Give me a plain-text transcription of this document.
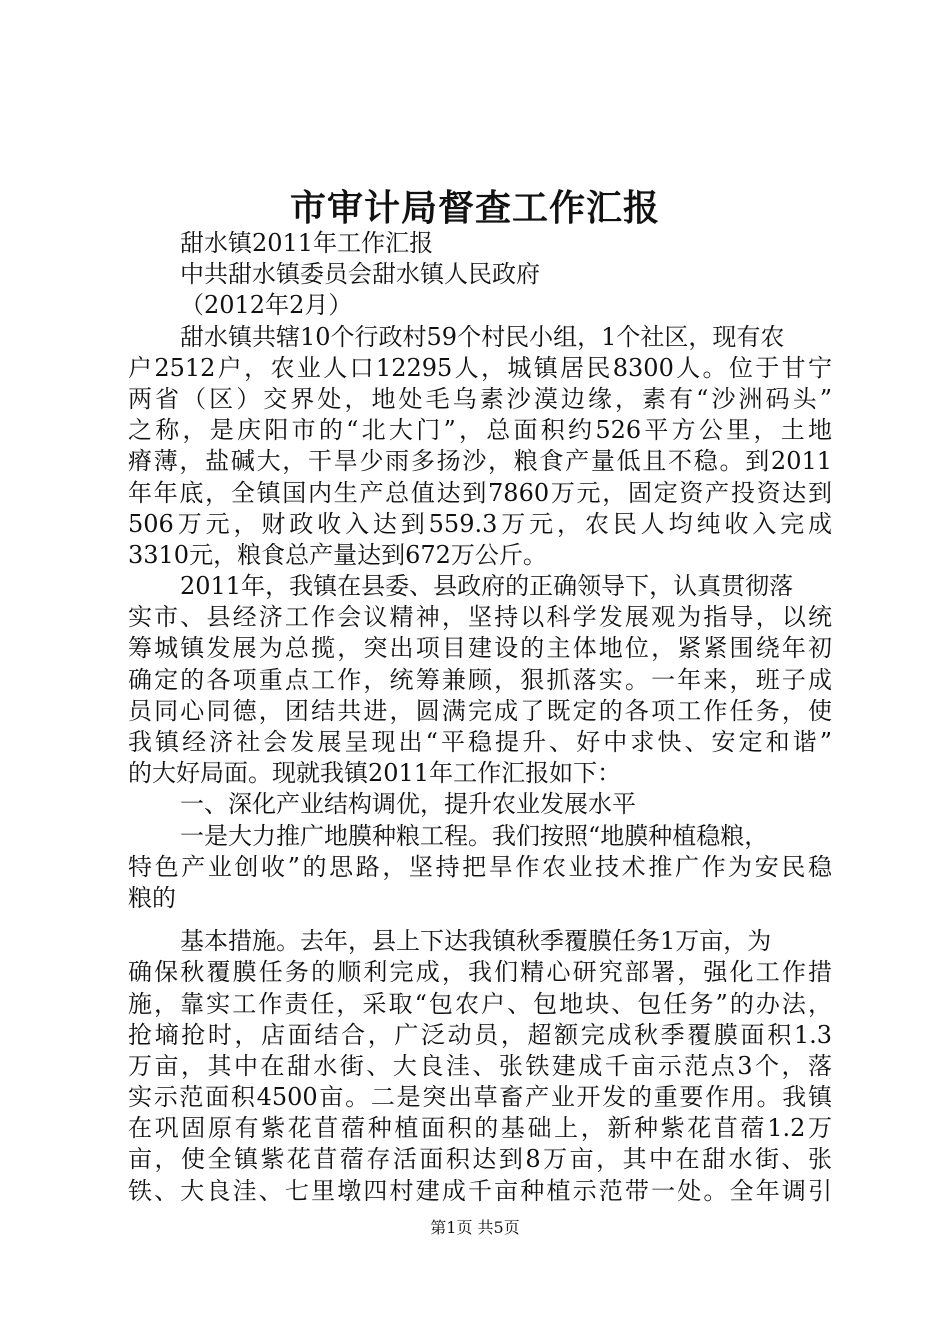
市审计局督查工作汇报
甜水镇2011年工作汇报
中共甜水镇委员会甜水镇人民政府
（2012年2月）
甜水镇共辖10个行政村59个村民小组，1个社区，现有农
户2512户，农业人口12295人，城镇居民8300人。位于甘宁
两省（区）交界处，地处毛乌素沙漠边缘，素有“沙洲码头”
之称，是庆阳市的“北大门”，总面积约526平方公里，土地
瘠薄，盐碱大，干旱少雨多扬沙，粮食产量低且不稳。到2011
年年底，全镇国内生产总值达到7860万元，固定资产投资达到
506万元，财政收入达到559.3万元，农民人均纯收入完成
3310元，粮食总产量达到672万公斤。
2011年，我镇在县委、县政府的正确领导下，认真贯彻落
实市、县经济工作会议精神，坚持以科学发展观为指导，以统
筹城镇发展为总揽，突出项目建设的主体地位，紧紧围绕年初
确定的各项重点工作，统筹兼顾，狠抓落实。一年来，班子成
员同心同德，团结共进，圆满完成了既定的各项工作任务，使
我镇经济社会发展呈现出“平稳提升、好中求快、安定和谐”
的大好局面。现就我镇2011年工作汇报如下：
一、深化产业结构调优，提升农业发展水平
一是大力推广地膜种粮工程。我们按照“地膜种植稳粮，
特色产业创收”的思路，坚持把旱作农业技术推广作为安民稳
粮的
基本措施。去年，县上下达我镇秋季覆膜任务1万亩，为
确保秋覆膜任务的顺利完成，我们精心研究部署，强化工作措
施，靠实工作责任，采取“包农户、包地块、包任务”的办法，
抢墒抢时，店面结合，广泛动员，超额完成秋季覆膜面积1.3
万亩，其中在甜水街、大良洼、张铁建成千亩示范点3个，落
实示范面积4500亩。二是突出草畜产业开发的重要作用。我镇
在巩固原有紫花苜蓿种植面积的基础上，新种紫花苜蓿1.2万
亩，使全镇紫花苜蓿存活面积达到8万亩，其中在甜水街、张
铁、大良洼、七里墩四村建成千亩种植示范带一处。全年调引
第1页 共5页
